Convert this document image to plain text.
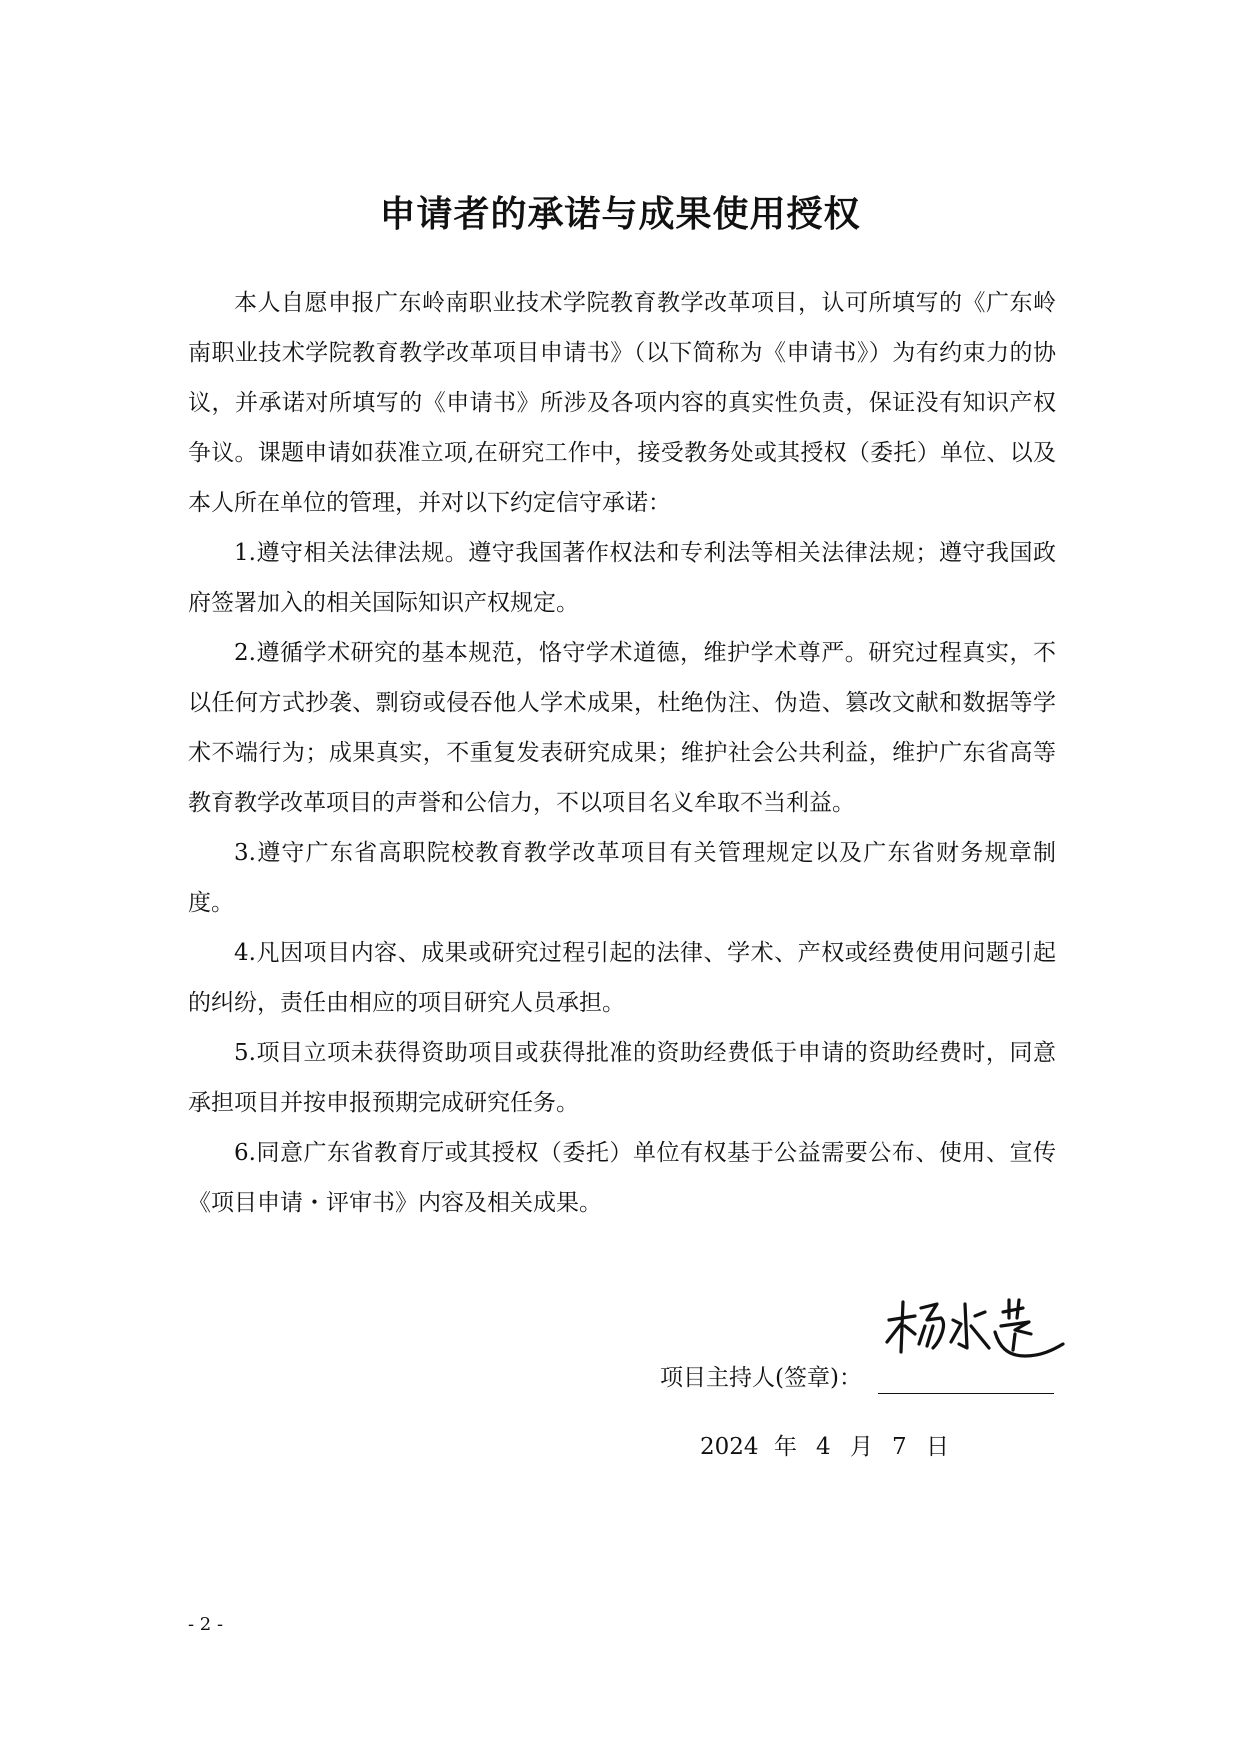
申请者的承诺与成果使用授权

本人自愿申报广东岭南职业技术学院教育教学改革项目，认可所填写的《广东岭南职业技术学院教育教学改革项目申请书》（以下简称为《申请书》）为有约束力的协议，并承诺对所填写的《申请书》所涉及各项内容的真实性负责，保证没有知识产权争议。课题申请如获准立项,在研究工作中，接受教务处或其授权（委托）单位、以及本人所在单位的管理，并对以下约定信守承诺：

1.遵守相关法律法规。遵守我国著作权法和专利法等相关法律法规；遵守我国政府签署加入的相关国际知识产权规定。

2.遵循学术研究的基本规范，恪守学术道德，维护学术尊严。研究过程真实，不以任何方式抄袭、剽窃或侵吞他人学术成果，杜绝伪注、伪造、篡改文献和数据等学术不端行为；成果真实，不重复发表研究成果；维护社会公共利益，维护广东省高等教育教学改革项目的声誉和公信力，不以项目名义牟取不当利益。

3.遵守广东省高职院校教育教学改革项目有关管理规定以及广东省财务规章制度。

4.凡因项目内容、成果或研究过程引起的法律、学术、产权或经费使用问题引起的纠纷，责任由相应的项目研究人员承担。

5.项目立项未获得资助项目或获得批准的资助经费低于申请的资助经费时，同意承担项目并按申报预期完成研究任务。

6.同意广东省教育厅或其授权（委托）单位有权基于公益需要公布、使用、宣传《项目申请・评审书》内容及相关成果。

项目主持人(签章)：
2024 年 4 月 7 日
- 2 -
